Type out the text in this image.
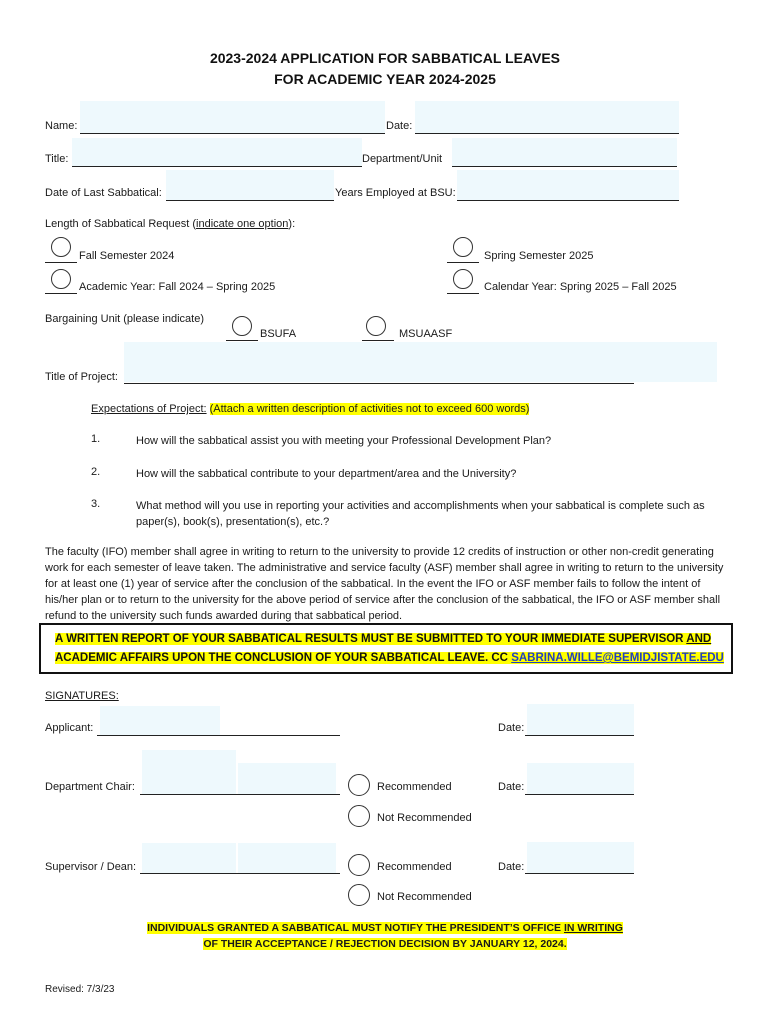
2023-2024 APPLICATION FOR SABBATICAL LEAVES
FOR ACADEMIC YEAR 2024-2025
Name:	Date:
Title:	Department/Unit
Date of Last Sabbatical:	Years Employed at BSU:
Length of Sabbatical Request (indicate one option):
Fall Semester 2024	Spring Semester 2025
Academic Year: Fall 2024 – Spring 2025	Calendar Year: Spring 2025 – Fall 2025
Bargaining Unit (please indicate)
BSUFA	MSUAASF
Title of Project:
Expectations of Project: (Attach a written description of activities not to exceed 600 words)
1.	How will the sabbatical assist you with meeting your Professional Development Plan?
2.	How will the sabbatical contribute to your department/area and the University?
3.	What method will you use in reporting your activities and accomplishments when your sabbatical is complete such as paper(s), book(s), presentation(s), etc.?
The faculty (IFO) member shall agree in writing to return to the university to provide 12 credits of instruction or other non-credit generating work for each semester of leave taken. The administrative and service faculty (ASF) member shall agree in writing to return to the university for at least one (1) year of service after the conclusion of the sabbatical. In the event the IFO or ASF member fails to follow the intent of his/her plan or to return to the university for the above period of service after the conclusion of the sabbatical, the IFO or ASF member shall refund to the university such funds awarded during that sabbatical period.
A WRITTEN REPORT OF YOUR SABBATICAL RESULTS MUST BE SUBMITTED TO YOUR IMMEDIATE SUPERVISOR AND
ACADEMIC AFFAIRS UPON THE CONCLUSION OF YOUR SABBATICAL LEAVE. CC SABRINA.WILLE@BEMIDJISTATE.EDU
SIGNATURES:
Applicant:	Date:
Department Chair:	Recommended	Date:
Not Recommended
Supervisor / Dean:	Recommended	Date:
Not Recommended
INDIVIDUALS GRANTED A SABBATICAL MUST NOTIFY THE PRESIDENT’S OFFICE IN WRITING
OF THEIR ACCEPTANCE / REJECTION DECISION BY JANUARY 12, 2024.
Revised: 7/3/23
